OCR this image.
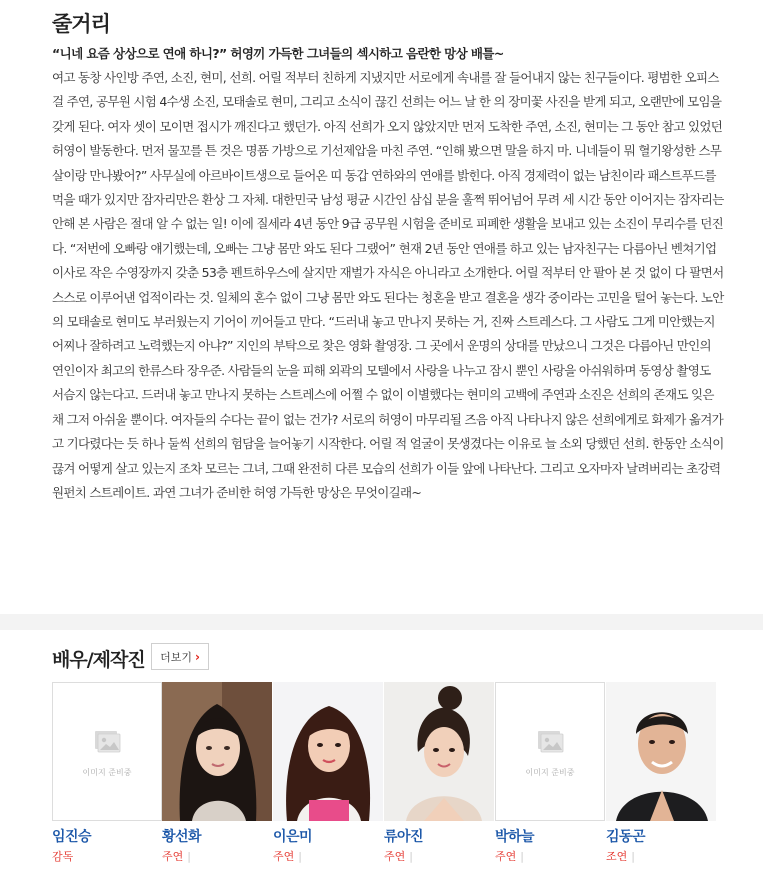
줄거리

“니네 요즘 상상으로 연애 하니?” 허영끼 가득한 그녀들의 섹시하고 음란한 망상 배틀~

여고 동창 사인방 주연, 소진, 현미, 선희. 어릴 적부터 친하게 지냈지만 서로에게 속내를 잘 들어내지 않는 친구들이다. 평범한 오피스걸 주연, 공무원 시험 4수생 소진, 모태솔로 현미, 그리고 소식이 끊긴 선희는 어느 날 한 의 장미꽃 사진을 받게 되고, 오랜만에 모임을 갖게 된다. 여자 셋이 모이면 접시가 깨진다고 했던가. 아직 선희가 오지 않았지만 먼저 도착한 주연, 소진, 현미는 그 동안 참고 있었던 허영이 발동한다. 먼저 물꼬를 튼 것은 명품 가방으로 기선제압을 마친 주연. “인해 봤으면 말을 하지 마. 니네들이 뭐 혈기왕성한 스무살이랑 만나봤어?” 사무실에 아르바이트생으로 들어온 띠 동갑 연하와의 연애를 밝힌다. 아직 경제력이 없는 남친이라 패스트푸드를 먹을 때가 있지만 잠자리만은 환상 그 자체. 대한민국 남성 평균 시간인 삼십 분을 훌쩍 뛰어넘어 무려 세 시간 동안 이어지는 잠자리는 안해 본 사람은 절대 알 수 없는 일! 이에 질세라 4년 동안 9급 공무원 시험을 준비로 피폐한 생활을 보내고 있는 소진이 무리수를 던진다. “저번에 오빠랑 얘기했는데, 오빠는 그냥 몸만 와도 된다 그랬어” 현재 2년 동안 연애를 하고 있는 남자친구는 다름아닌 벤쳐기업 이사로 작은 수영장까지 갖춘 53층 펜트하우스에 살지만 재벌가 자식은 아니라고 소개한다. 어릴 적부터 안 팔아 본 것 없이 다 팔면서 스스로 이루어낸 업적이라는 것. 일체의 혼수 없이 그냥 몸만 와도 된다는 청혼을 받고 결혼을 생각 중이라는 고민을 털어 놓는다. 노안의 모태솔로 현미도 부러웠는지 기어이 끼어들고 만다. “드러내 놓고 만나지 못하는 거, 진짜 스트레스다. 그 사람도 그게 미안했는지 어찌나 잘하려고 노력했는지 아냐?” 지인의 부탁으로 찾은 영화 촬영장. 그 곳에서 운명의 상대를 만났으니 그것은 다름아닌 만인의 연인이자 최고의 한류스타 장우준. 사람들의 눈을 피해 외곽의 모텔에서 사랑을 나누고 잠시 뿐인 사랑을 아쉬워하며 동영상 촬영도 서슴지 않는다고. 드러내 놓고 만나지 못하는 스트레스에 어쩔 수 없이 이별했다는 현미의 고백에 주연과 소진은 선희의 존재도 잊은 채 그저 아쉬울 뿐이다. 여자들의 수다는 끝이 없는 건가? 서로의 허영이 마무리될 즈음 아직 나타나지 않은 선희에게로 화제가 옮겨가고 기다렸다는 듯 하나 둘씩 선희의 험담을 늘어놓기 시작한다. 어릴 적 얼굴이 못생겼다는 이유로 늘 소외 당했던 선희. 한동안 소식이 끊겨 어떻게 살고 있는지 조차 모르는 그녀, 그때 완전히 다른 모습의 선희가 이들 앞에 나타난다. 그리고 오자마자 날려버리는 초강력 원펀치 스트레이트. 과연 그녀가 준비한 허영 가득한 망상은 무엇이길래~

배우/제작진 더보기 ›
이미지 준비중
임진승
감독
황선화
주연 |
이은미
주연 |
류아진
주연 |
이미지 준비중
박하늘
주연 |
김동곤
조연 |
